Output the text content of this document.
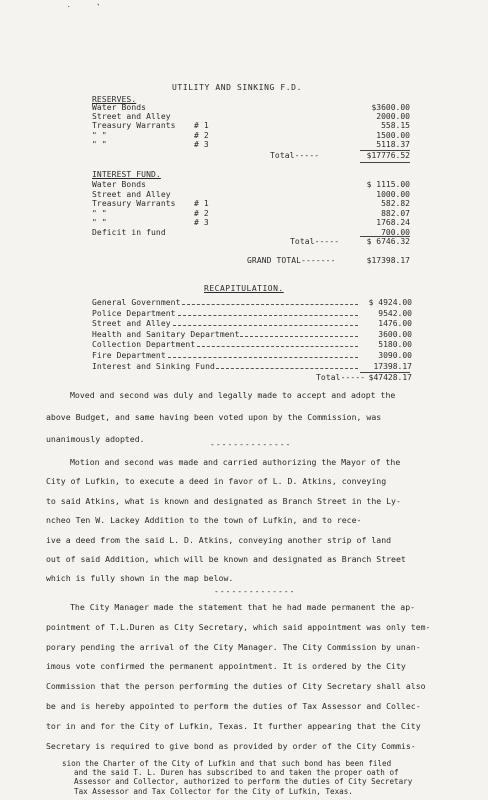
UTILITY AND SINKING F.D.
RESERVES.
Water Bonds	$3600.00
Street and Alley	2000.00
Treasury Warrants # 1	558.15
" "	# 2	1500.00
" "	# 3	5118.37
Total-----	$17776.52
INTEREST FUND.
Water Bonds	$ 1115.00
Street and Alley	1000.00
Treasury Warrants # 1	582.82
" "	# 2	882.07
" "	# 3	1768.24
Deficit in fund	700.00
Total-----	$ 6746.32
GRAND TOTAL-------	$17398.17
RECAPITULATION.
General Government	$ 4924.00
Police Department	9542.00
Street and Alley	1476.00
Health and Sanitary Department	3600.00
Collection Department	5180.00
Fire Department	3090.00
Interest and Sinking Fund	17398.17
Total----- $47428.17
Moved and second was duly and legally made to accept and adopt the
above Budget, and same having been voted upon by the Commission, was
unanimously adopted.
--------------
Motion and second was made and carried authorizing the Mayor of the
City of Lufkin, to execute a deed in favor of L. D. Atkins, conveying
to said Atkins, what is known and designated as Branch Street in the Ly-
ncheo Ten W. Lackey Addition to the town of Lufkin, and to rece-
ive a deed from the said L. D. Atkins, conveying another strip of land
out of said Addition, which will be known and designated as Branch Street
which is fully shown in the map below.
--------------
The City Manager made the statement that he had made permanent the ap-
pointment of T.L.Duren as City Secretary, which said appointment was only tem-
porary pending the arrival of the City Manager. The City Commission by unan-
imous vote confirmed the permanent appointment. It is ordered by the City
Commission that the person performing the duties of City Secretary shall also
be and is hereby appointed to perform the duties of Tax Assessor and Collec-
tor in and for the City of Lufkin, Texas. It further appearing that the City
Secretary is required to give bond as provided by order of the City Commis-
sion the Charter of the City of Lufkin and that such bond has been filed
and the said T. L. Duren has subscribed to and taken the proper oath of
Assessor and Collector, authorized to perform the duties of City Secretary
Tax Assessor and Tax Collector for the City of Lufkin, Texas.
˙	`
